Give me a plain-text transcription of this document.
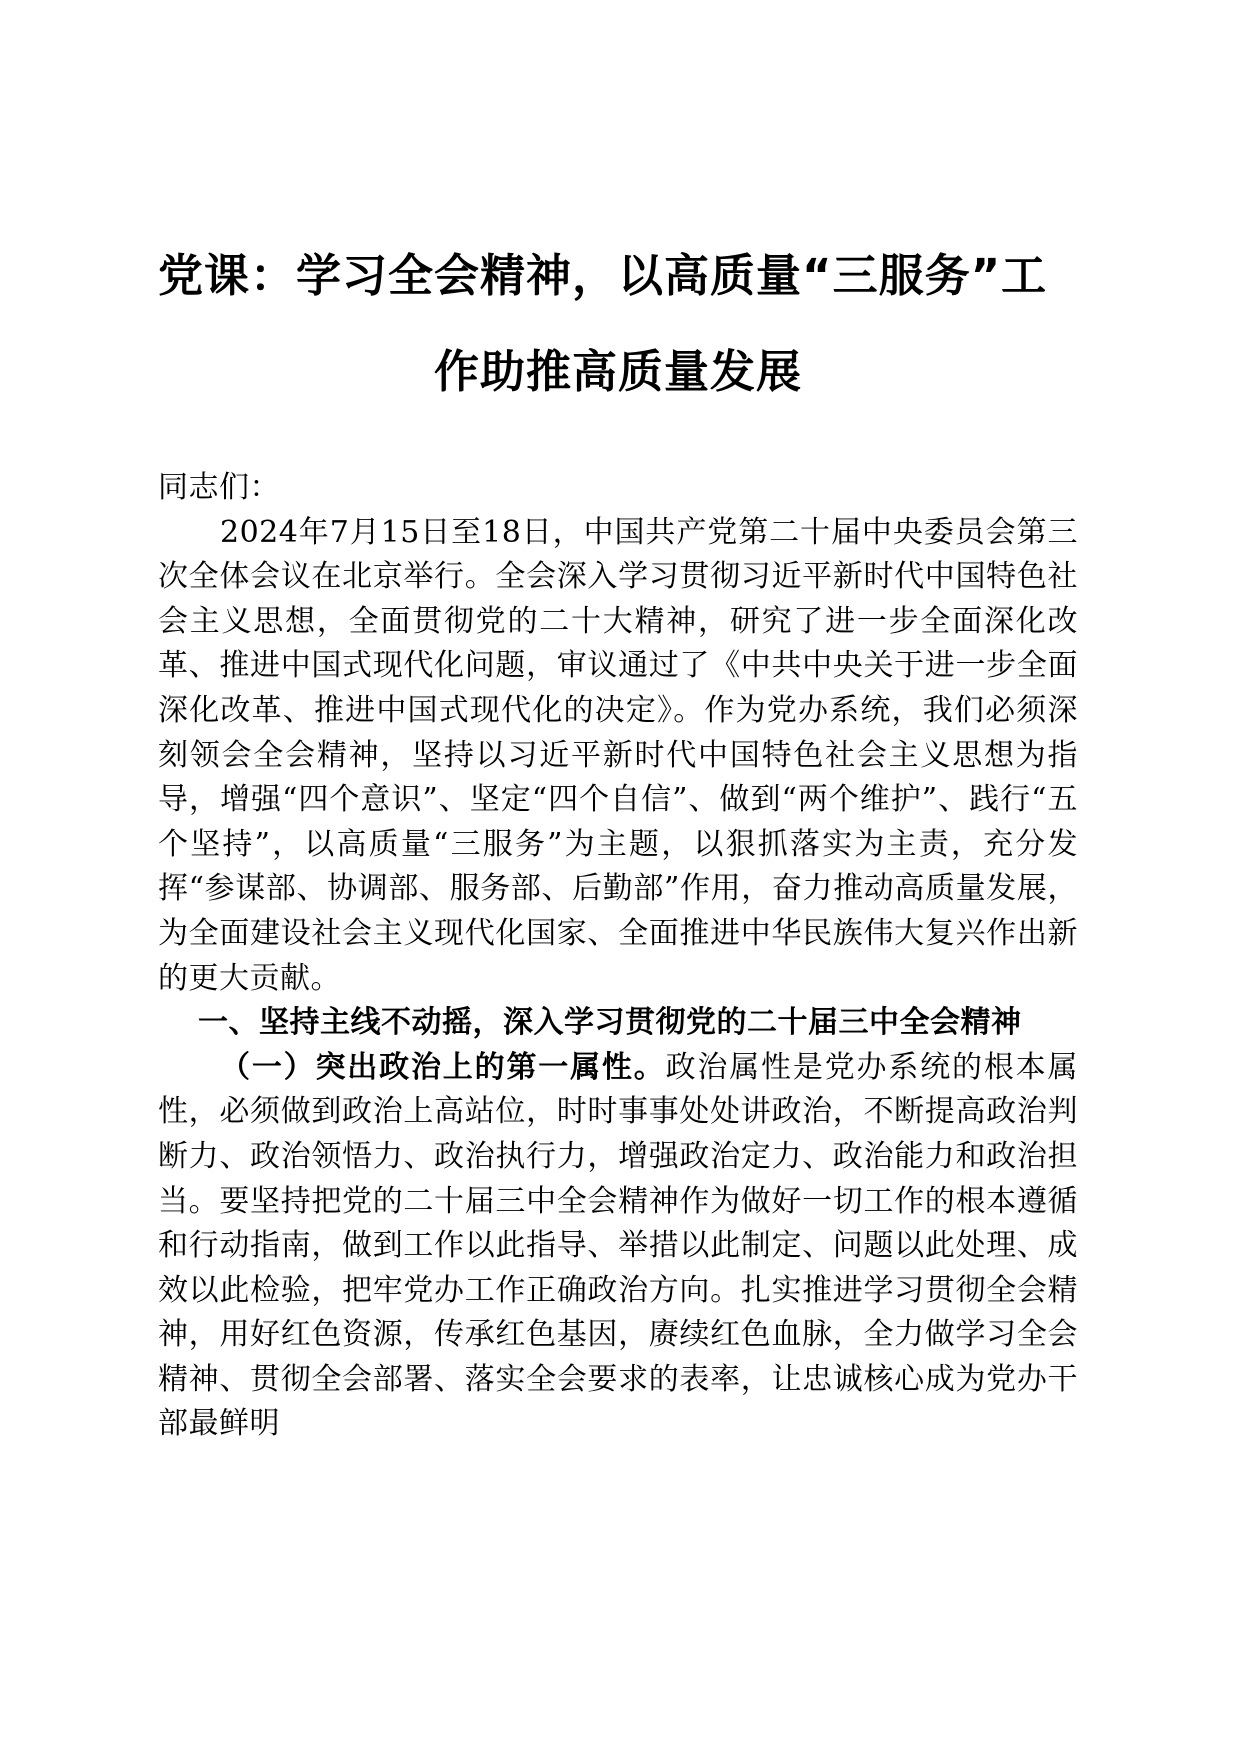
党课：学习全会精神，以高质量“三服务”工
作助推高质量发展

同志们：

2024年7月15日至18日，中国共产党第二十届中央委员会第三次全体会议在北京举行。全会深入学习贯彻习近平新时代中国特色社会主义思想，全面贯彻党的二十大精神，研究了进一步全面深化改革、推进中国式现代化问题，审议通过了《中共中央关于进一步全面深化改革、推进中国式现代化的决定》。作为党办系统，我们必须深刻领会全会精神，坚持以习近平新时代中国特色社会主义思想为指导，增强“四个意识”、坚定“四个自信”、做到“两个维护”、践行“五个坚持”，以高质量“三服务”为主题，以狠抓落实为主责，充分发挥“参谋部、协调部、服务部、后勤部”作用，奋力推动高质量发展，为全面建设社会主义现代化国家、全面推进中华民族伟大复兴作出新的更大贡献。

一、坚持主线不动摇，深入学习贯彻党的二十届三中全会精神

（一）突出政治上的第一属性。政治属性是党办系统的根本属性，必须做到政治上高站位，时时事事处处讲政治，不断提高政治判断力、政治领悟力、政治执行力，增强政治定力、政治能力和政治担当。要坚持把党的二十届三中全会精神作为做好一切工作的根本遵循和行动指南，做到工作以此指导、举措以此制定、问题以此处理、成效以此检验，把牢党办工作正确政治方向。扎实推进学习贯彻全会精神，用好红色资源，传承红色基因，赓续红色血脉，全力做学习全会精神、贯彻全会部署、落实全会要求的表率，让忠诚核心成为党办干部最鲜明
